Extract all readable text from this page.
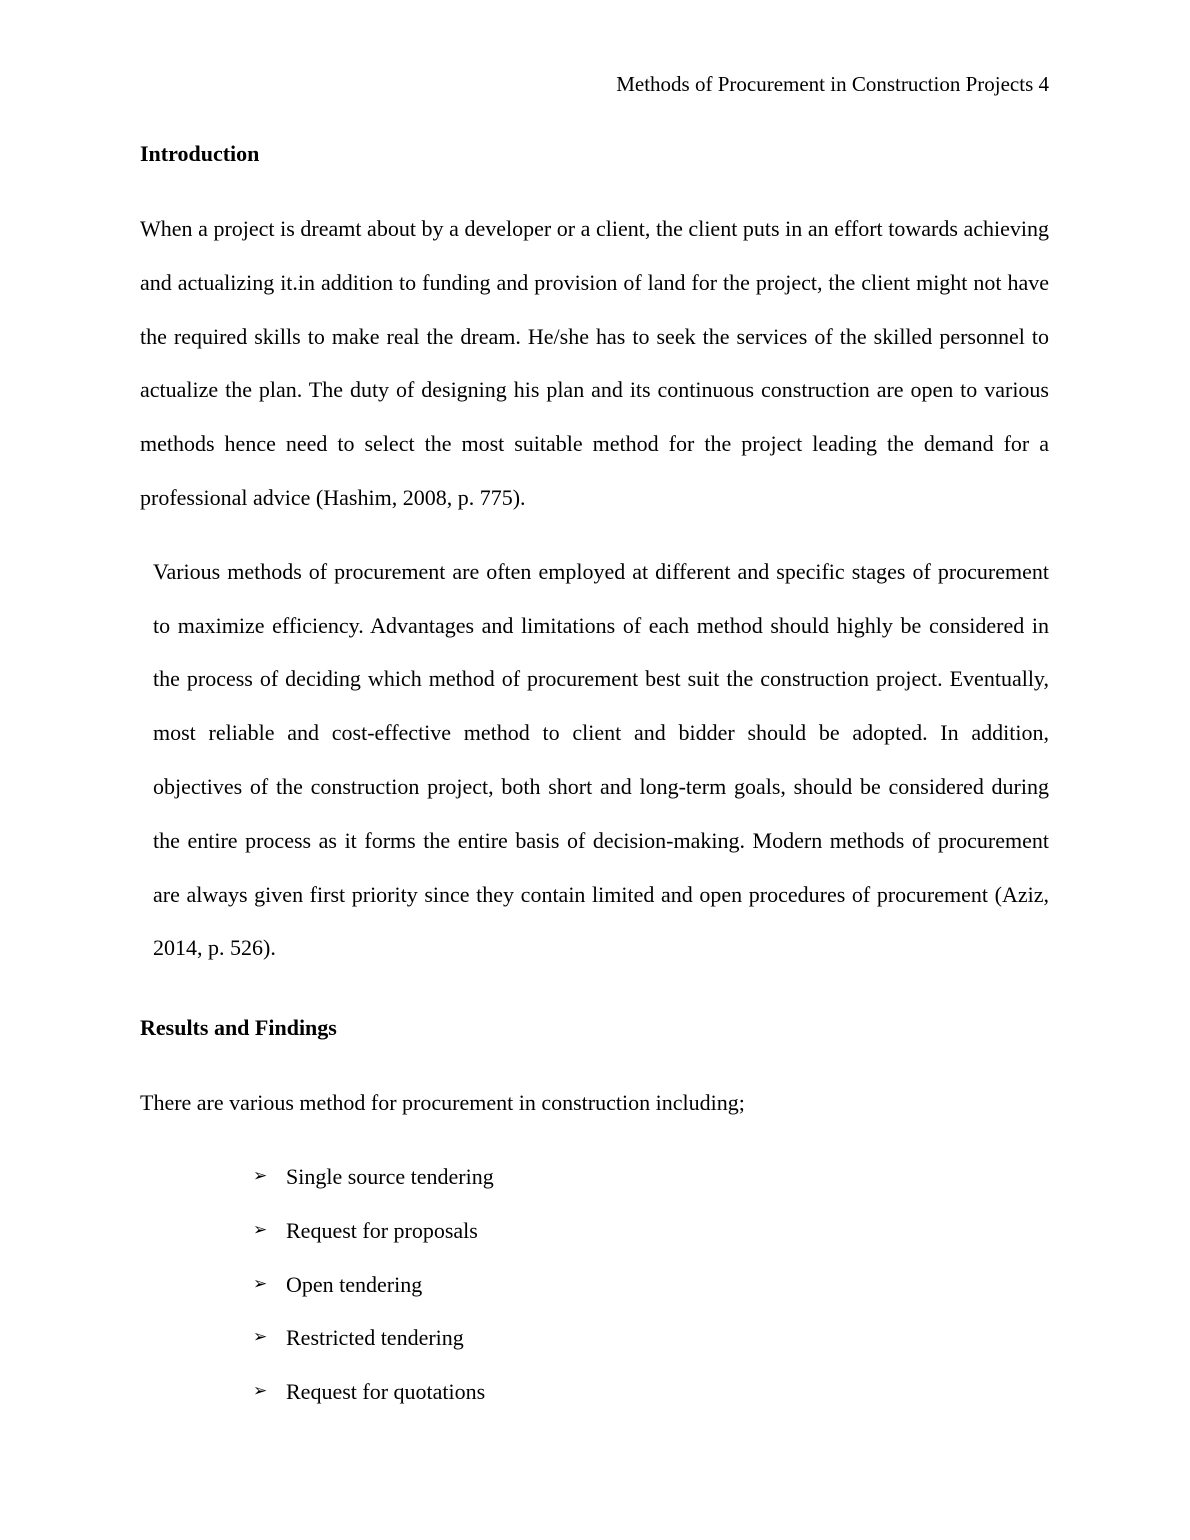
Methods of Procurement in Construction Projects 4
Introduction

When a project is dreamt about by a developer or a client, the client puts in an effort towards achieving and actualizing it.in addition to funding and provision of land for the project, the client might not have the required skills to make real the dream. He/she has to seek the services of the skilled personnel to actualize the plan. The duty of designing his plan and its continuous construction are open to various methods hence need to select the most suitable method for the project leading the demand for a professional advice (Hashim, 2008, p. 775).

Various methods of procurement are often employed at different and specific stages of procurement to maximize efficiency. Advantages and limitations of each method should highly be considered in the process of deciding which method of procurement best suit the construction project. Eventually, most reliable and cost-effective method to client and bidder should be adopted. In addition, objectives of the construction project, both short and long-term goals, should be considered during the entire process as it forms the entire basis of decision-making. Modern methods of procurement are always given first priority since they contain limited and open procedures of procurement (Aziz, 2014, p. 526).

Results and Findings

There are various method for procurement in construction including;

➢ Single source tendering
➢ Request for proposals
➢ Open tendering
➢ Restricted tendering
➢ Request for quotations
